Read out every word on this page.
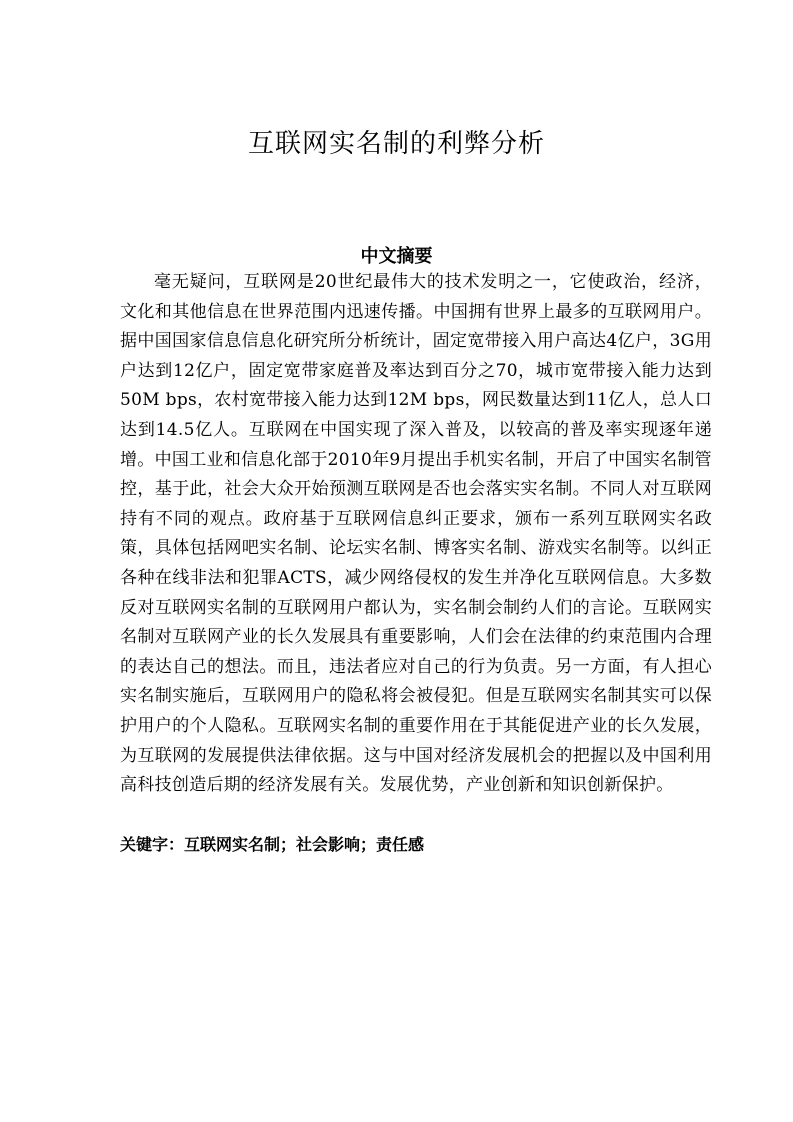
互联网实名制的利弊分析
中文摘要

毫无疑问，互联网是20世纪最伟大的技术发明之一，它使政治，经济，文化和其他信息在世界范围内迅速传播。中国拥有世界上最多的互联网用户。据中国国家信息信息化研究所分析统计，固定宽带接入用户高达4亿户，3G用户达到12亿户，固定宽带家庭普及率达到百分之70，城市宽带接入能力达到50M bps，农村宽带接入能力达到12M bps，网民数量达到11亿人，总人口达到14.5亿人。互联网在中国实现了深入普及，以较高的普及率实现逐年递增。中国工业和信息化部于2010年9月提出手机实名制，开启了中国实名制管控，基于此，社会大众开始预测互联网是否也会落实实名制。不同人对互联网持有不同的观点。政府基于互联网信息纠正要求，颁布一系列互联网实名政策，具体包括网吧实名制、论坛实名制、博客实名制、游戏实名制等。以纠正各种在线非法和犯罪ACTS，减少网络侵权的发生并净化互联网信息。大多数反对互联网实名制的互联网用户都认为，实名制会制约人们的言论。互联网实名制对互联网产业的长久发展具有重要影响，人们会在法律的约束范围内合理的表达自己的想法。而且，违法者应对自己的行为负责。另一方面，有人担心实名制实施后，互联网用户的隐私将会被侵犯。但是互联网实名制其实可以保护用户的个人隐私。互联网实名制的重要作用在于其能促进产业的长久发展，为互联网的发展提供法律依据。这与中国对经济发展机会的把握以及中国利用高科技创造后期的经济发展有关。发展优势，产业创新和知识创新保护。

关键字：互联网实名制；社会影响；责任感
